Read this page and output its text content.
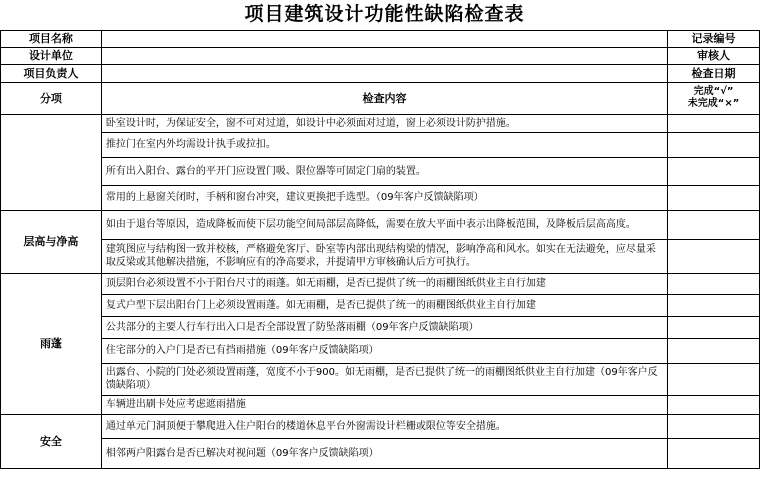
	项目建筑设计功能性缺陷检查表	
项目名称		记录编号
设计单位		审核人
项目负责人		检查日期
分项	检查内容	完成“√”
未完成“×”

	卧室设计时，为保证安全，窗不可对过道，如设计中必须面对过道，窗上必须设计防护措施。	
	推拉门在室内外均需设计执手或拉扣。	
	所有出入阳台、露台的平开门应设置门吸、限位器等可固定门扇的装置。	
	常用的上悬窗关闭时，手柄和窗台冲突，建议更换把手选型。（09年客户反馈缺陷项）	
层高与净高	如由于退台等原因，造成降板而使下层功能空间局部层高降低，需要在放大平面中表示出降板范围，及降板后层高高度。	
	建筑图应与结构图一致并校核，严格避免客厅、卧室等内部出现结构梁的情况，影响净高和风水。如实在无法避免，应尽量采取反梁或其他解决措施，不影响应有的净高要求，并提请甲方审核确认后方可执行。	
雨蓬	顶层阳台必须设置不小于阳台尺寸的雨蓬。如无雨棚，是否已提供了统一的雨棚图纸供业主自行加建	
	复式户型下层出阳台门上必须设置雨蓬。如无雨棚，是否已提供了统一的雨棚图纸供业主自行加建	
	公共部分的主要人行车行出入口是否全部设置了防坠落雨棚（09年客户反馈缺陷项）	
	住宅部分的入户门是否已有挡雨措施（09年客户反馈缺陷项）	
	出露台、小院的门处必须设置雨蓬，宽度不小于900。如无雨棚，是否已提供了统一的雨棚图纸供业主自行加建（09年客户反馈缺陷项）	
	车辆进出刷卡处应考虑遮雨措施	
安全	通过单元门洞顶便于攀爬进入住户阳台的楼道休息平台外窗需设计栏栅或限位等安全措施。	
	相邻两户阳露台是否已解决对视问题（09年客户反馈缺陷项）	
